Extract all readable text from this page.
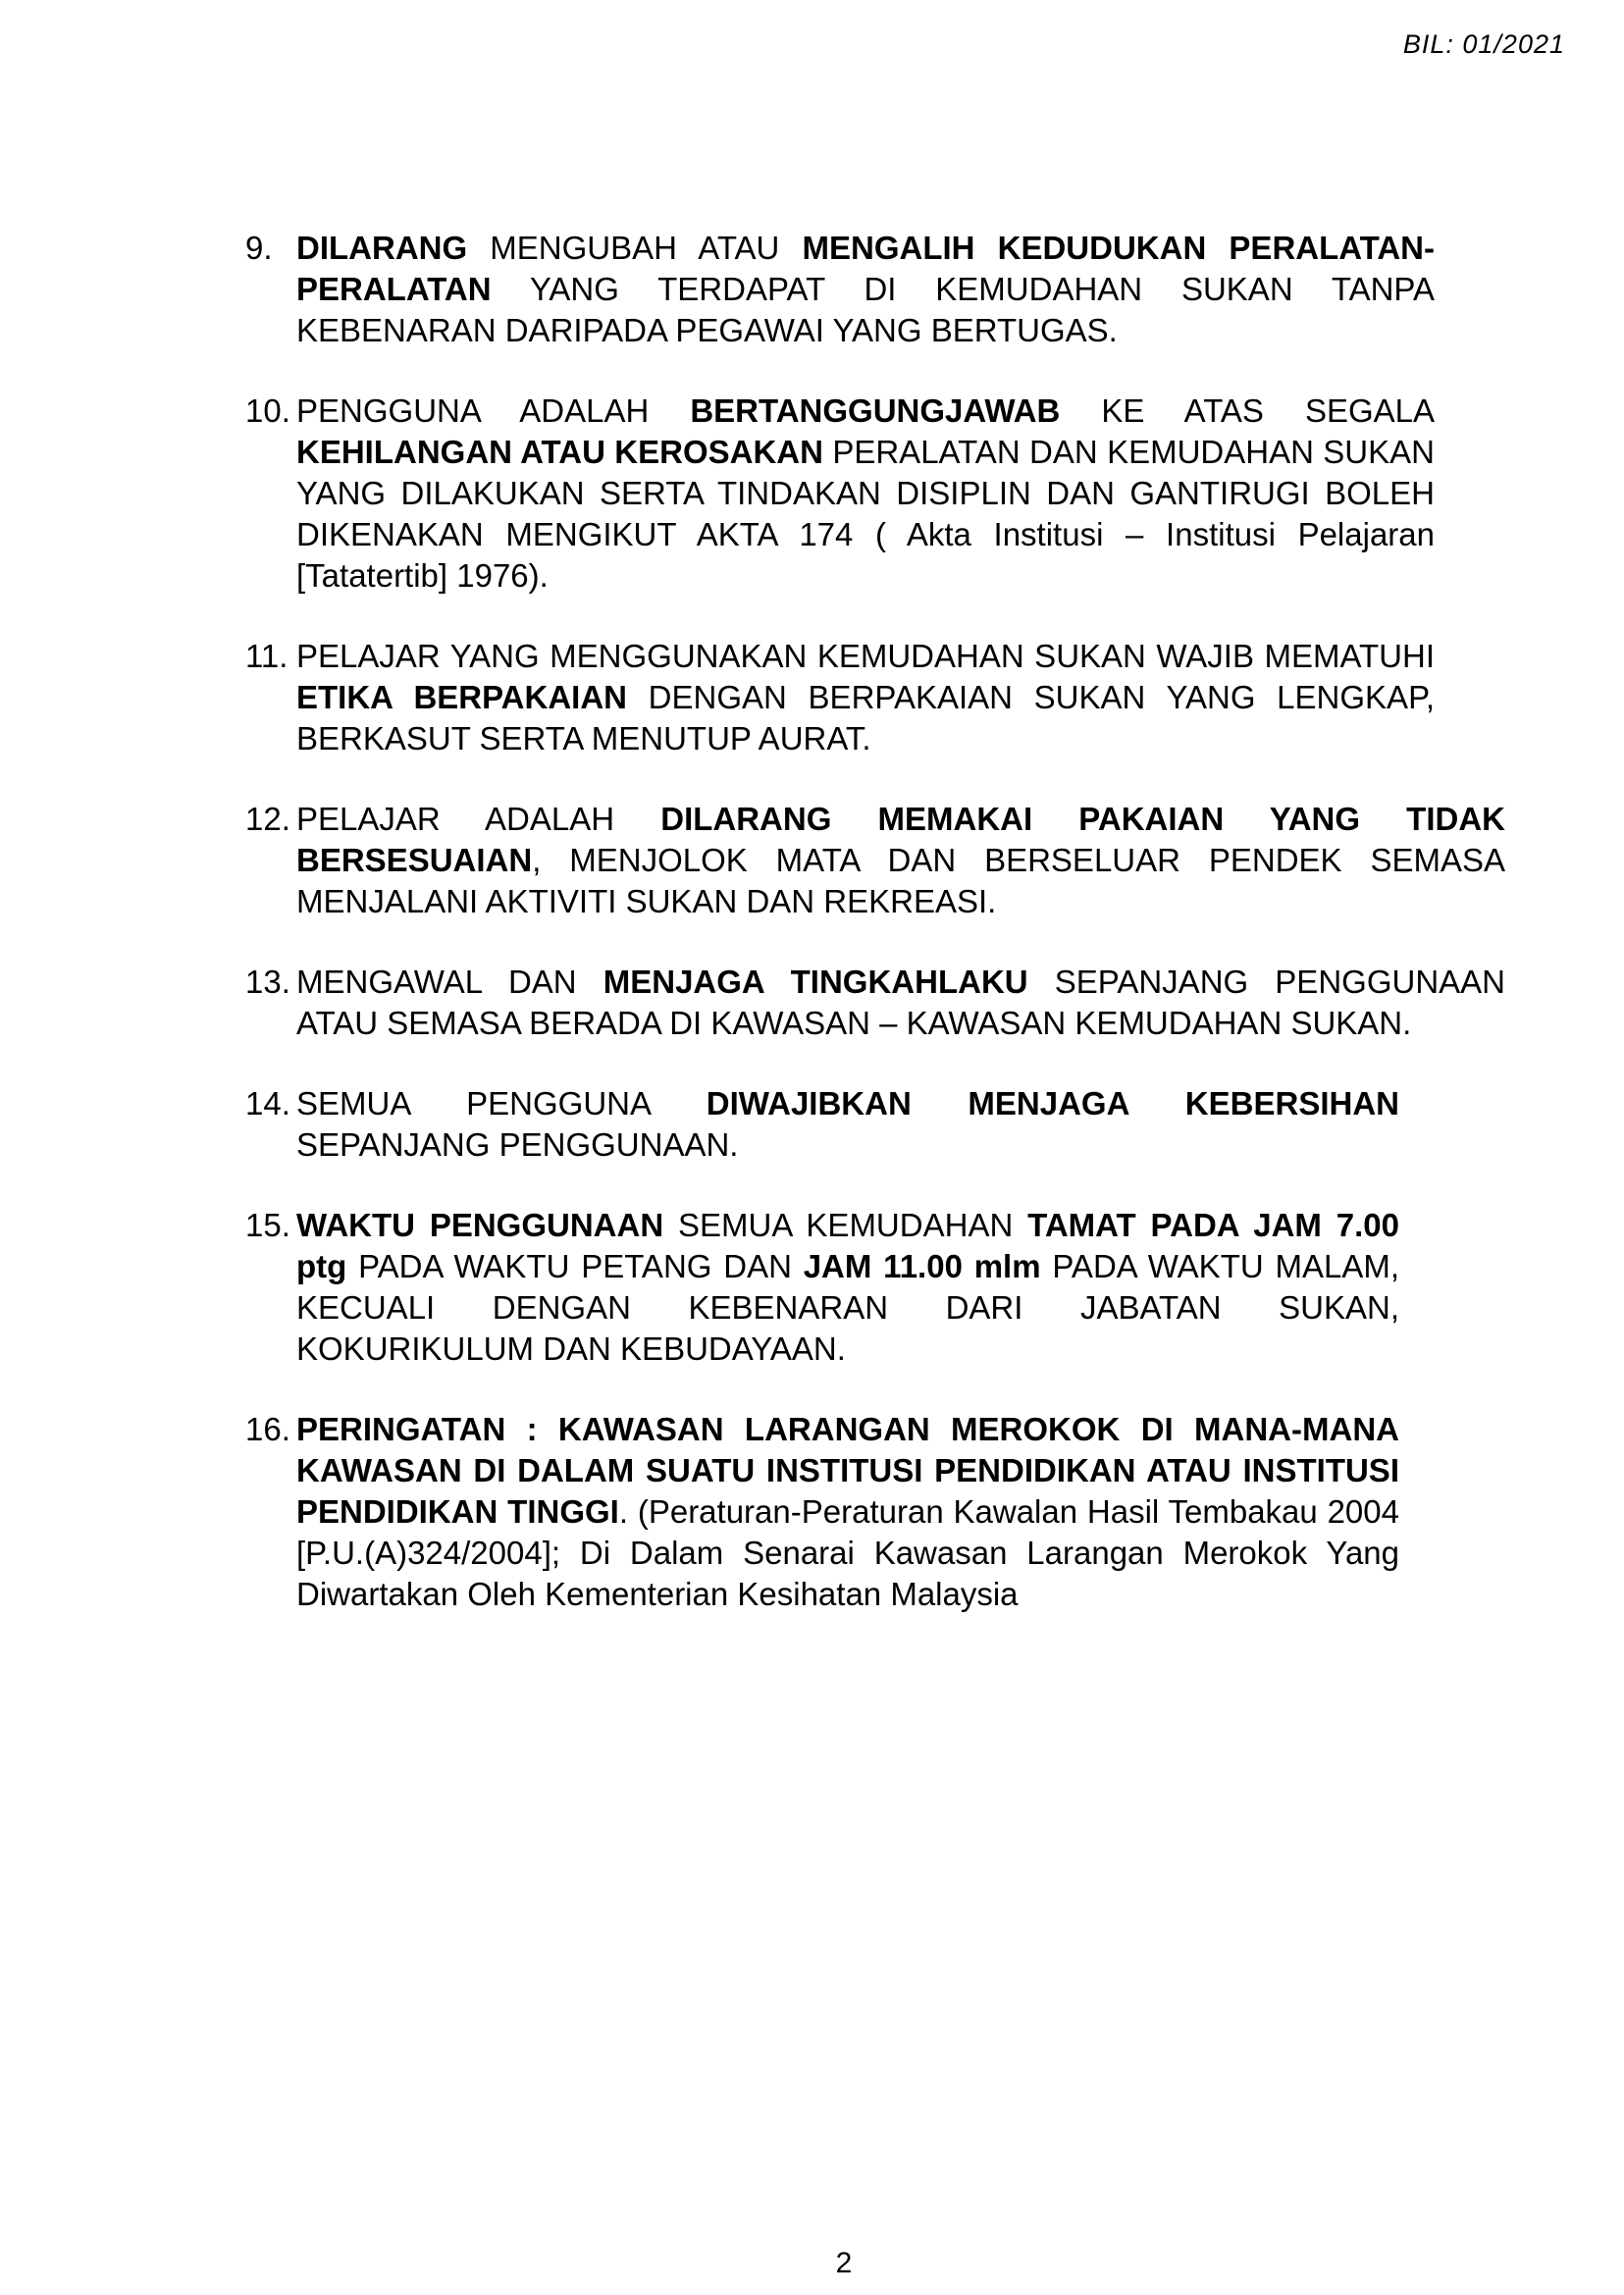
BIL: 01/2021
9. DILARANG MENGUBAH ATAU MENGALIH KEDUDUKAN PERALATAN- PERALATAN YANG TERDAPAT DI KEMUDAHAN SUKAN TANPA KEBENARAN DARIPADA PEGAWAI YANG BERTUGAS.
10. PENGGUNA ADALAH BERTANGGUNGJAWAB KE ATAS SEGALA KEHILANGAN ATAU KEROSAKAN PERALATAN DAN KEMUDAHAN SUKAN YANG DILAKUKAN SERTA TINDAKAN DISIPLIN DAN GANTIRUGI BOLEH DIKENAKAN MENGIKUT AKTA 174 ( Akta Institusi – Institusi Pelajaran [Tatatertib] 1976).
11. PELAJAR YANG MENGGUNAKAN KEMUDAHAN SUKAN WAJIB MEMATUHI ETIKA BERPAKAIAN DENGAN BERPAKAIAN SUKAN YANG LENGKAP, BERKASUT SERTA MENUTUP AURAT.
12. PELAJAR ADALAH DILARANG MEMAKAI PAKAIAN YANG TIDAK BERSESUAIAN, MENJOLOK MATA DAN BERSELUAR PENDEK SEMASA MENJALANI AKTIVITI SUKAN DAN REKREASI.
13. MENGAWAL DAN MENJAGA TINGKAHLAKU SEPANJANG PENGGUNAAN ATAU SEMASA BERADA DI KAWASAN – KAWASAN KEMUDAHAN SUKAN.
14. SEMUA PENGGUNA DIWAJIBKAN MENJAGA KEBERSIHAN SEPANJANG PENGGUNAAN.
15. WAKTU PENGGUNAAN SEMUA KEMUDAHAN TAMAT PADA JAM 7.00 ptg PADA WAKTU PETANG DAN JAM 11.00 mlm PADA WAKTU MALAM, KECUALI DENGAN KEBENARAN DARI JABATAN SUKAN, KOKURIKULUM DAN KEBUDAYAAN.
16. PERINGATAN : KAWASAN LARANGAN MEROKOK DI MANA-MANA KAWASAN DI DALAM SUATU INSTITUSI PENDIDIKAN ATAU INSTITUSI PENDIDIKAN TINGGI. (Peraturan-Peraturan Kawalan Hasil Tembakau 2004 [P.U.(A)324/2004]; Di Dalam Senarai Kawasan Larangan Merokok Yang Diwartakan Oleh Kementerian Kesihatan Malaysia
2
